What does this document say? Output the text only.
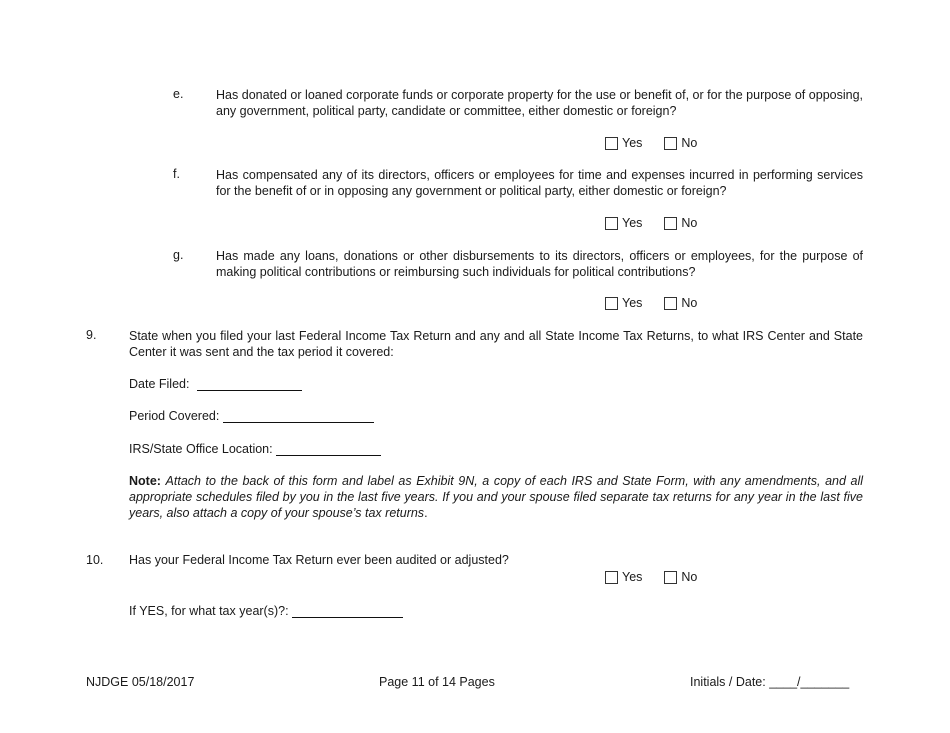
e.	Has donated or loaned corporate funds or corporate property for the use or benefit of, or for the purpose of opposing, any government, political party, candidate or committee, either domestic or foreign?
Yes	No
f.	Has compensated any of its directors, officers or employees for time and expenses incurred in performing services for the benefit of or in opposing any government or political party, either domestic or foreign?
Yes	No
g.	Has made any loans, donations or other disbursements to its directors, officers or employees, for the purpose of making political contributions or reimbursing such individuals for political contributions?
Yes	No
9.	State when you filed your last Federal Income Tax Return and any and all State Income Tax Returns, to what IRS Center and State Center it was sent and the tax period it covered:
Date Filed:
Period Covered:
IRS/State Office Location:
Note: Attach to the back of this form and label as Exhibit 9N, a copy of each IRS and State Form, with any amendments, and all appropriate schedules filed by you in the last five years. If you and your spouse filed separate tax returns for any year in the last five years, also attach a copy of your spouse’s tax returns.
10. Has your Federal Income Tax Return ever been audited or adjusted?
Yes	No
If YES, for what tax year(s)?:
NJDGE 05/18/2017	Page 11 of 14 Pages	Initials / Date: ____/_______
